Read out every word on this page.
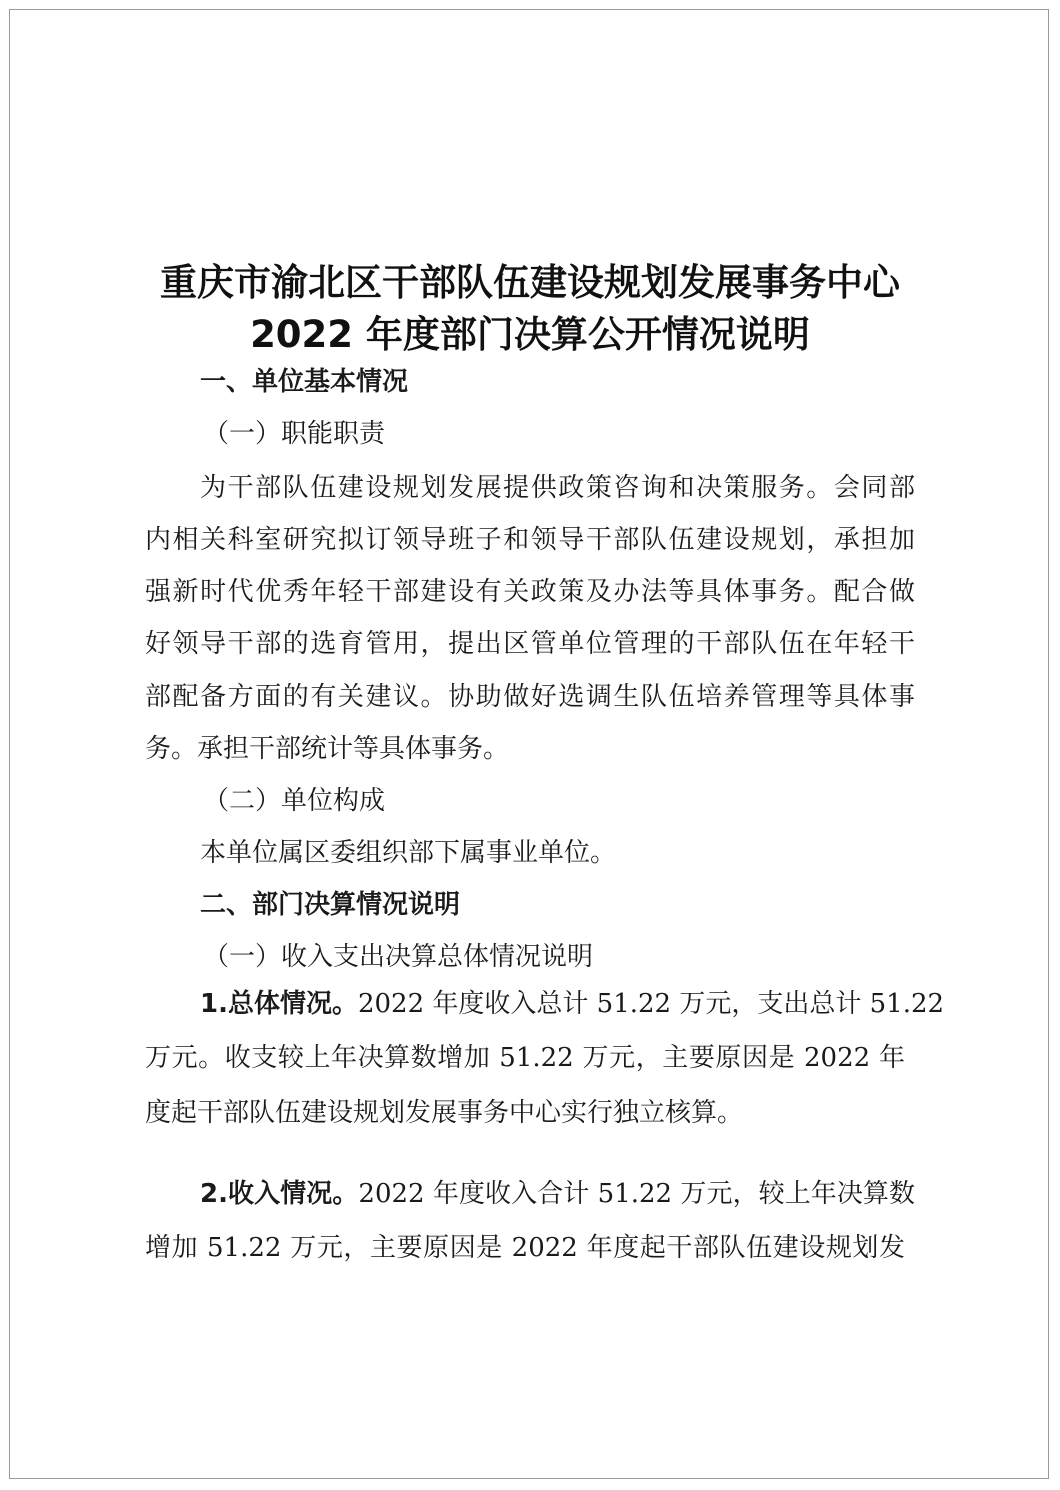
重庆市渝北区干部队伍建设规划发展事务中心
2022 年度部门决算公开情况说明
一、单位基本情况
（一）职能职责
为干部队伍建设规划发展提供政策咨询和决策服务。会同部
内相关科室研究拟订领导班子和领导干部队伍建设规划，承担加
强新时代优秀年轻干部建设有关政策及办法等具体事务。配合做
好领导干部的选育管用，提出区管单位管理的干部队伍在年轻干
部配备方面的有关建议。协助做好选调生队伍培养管理等具体事
务。承担干部统计等具体事务。
（二）单位构成
本单位属区委组织部下属事业单位。
二、部门决算情况说明
（一）收入支出决算总体情况说明
1.总体情况。2022 年度收入总计 51.22 万元，支出总计 51.22
万元。收支较上年决算数增加 51.22 万元，主要原因是 2022 年
度起干部队伍建设规划发展事务中心实行独立核算。
2.收入情况。2022 年度收入合计 51.22 万元，较上年决算数
增加 51.22 万元，主要原因是 2022 年度起干部队伍建设规划发
